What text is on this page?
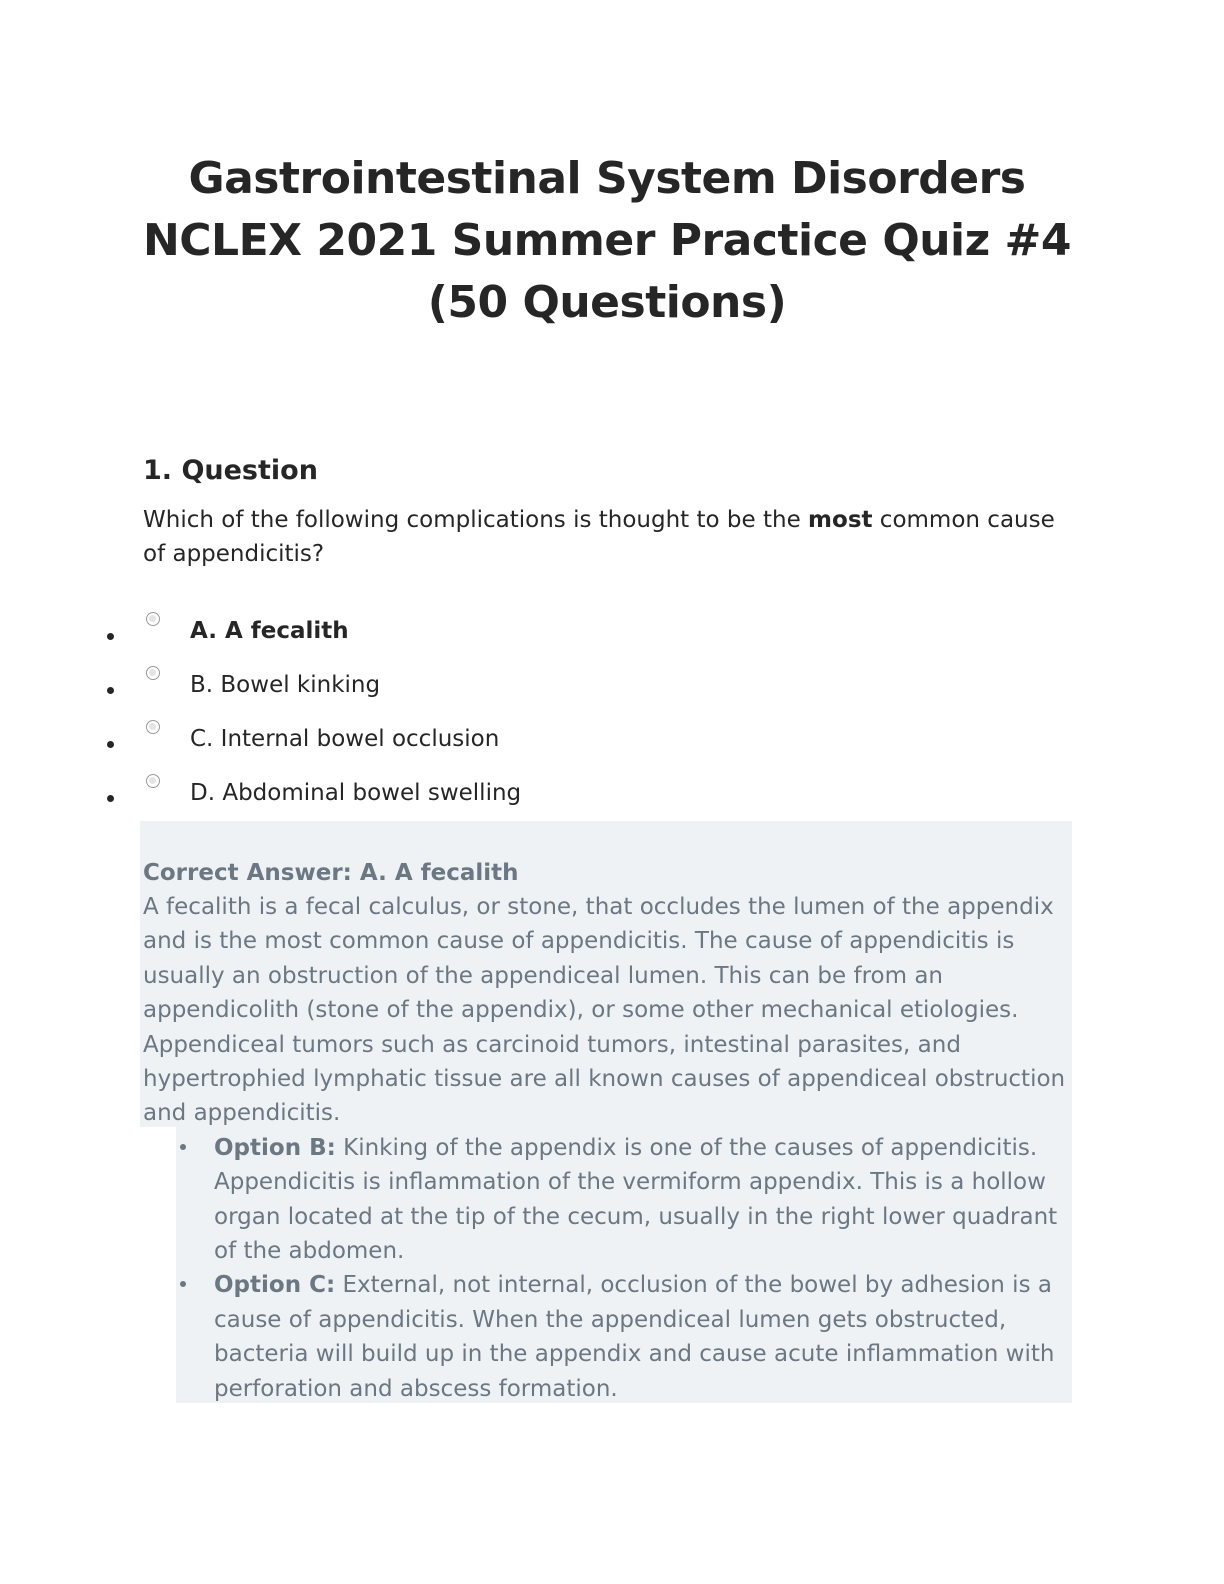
Gastrointestinal System Disorders NCLEX 2021 Summer Practice Quiz #4 (50 Questions)
1. Question

Which of the following complications is thought to be the most common cause of appendicitis?

A. A fecalith
B. Bowel kinking
C. Internal bowel occlusion
D. Abdominal bowel swelling

Correct Answer: A. A fecalith

A fecalith is a fecal calculus, or stone, that occludes the lumen of the appendix and is the most common cause of appendicitis. The cause of appendicitis is usually an obstruction of the appendiceal lumen. This can be from an appendicolith (stone of the appendix), or some other mechanical etiologies. Appendiceal tumors such as carcinoid tumors, intestinal parasites, and hypertrophied lymphatic tissue are all known causes of appendiceal obstruction and appendicitis.

Option B: Kinking of the appendix is one of the causes of appendicitis. Appendicitis is inflammation of the vermiform appendix. This is a hollow organ located at the tip of the cecum, usually in the right lower quadrant of the abdomen.
Option C: External, not internal, occlusion of the bowel by adhesion is a cause of appendicitis. When the appendiceal lumen gets obstructed, bacteria will build up in the appendix and cause acute inflammation with perforation and abscess formation.
